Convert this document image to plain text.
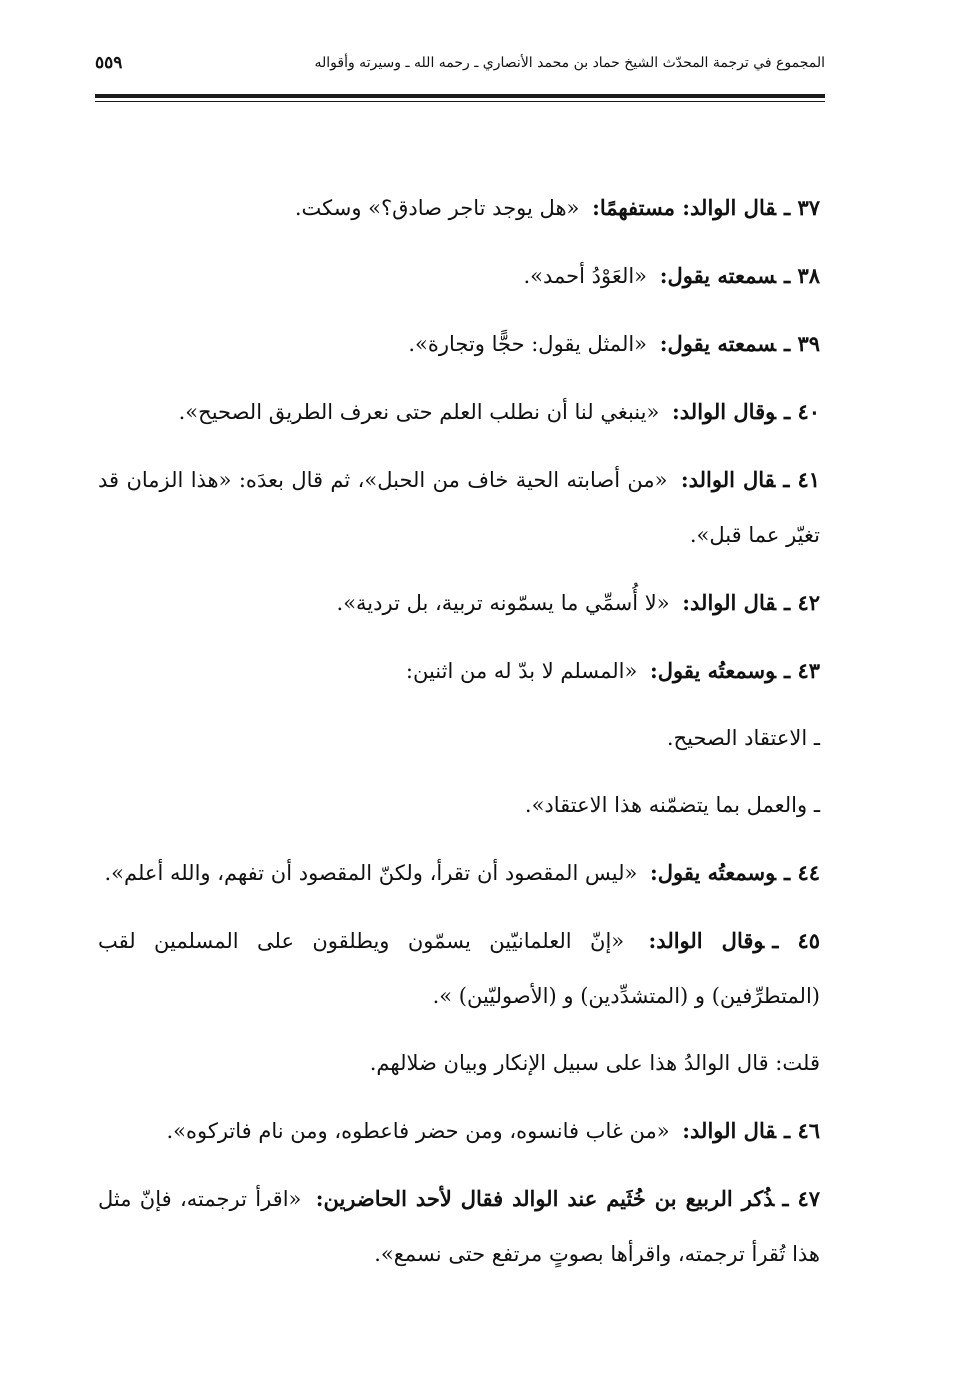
المجموع في ترجمة المحدّث الشيخ حماد بن محمد الأنصاري ـ رحمه الله ـ وسيرته وأقواله
٥٥٩

٣٧ ـقال الوالد: مستفهمًا: «هل يوجد تاجر صادق؟» وسكت.

٣٨ ـسمعته يقول: «العَوْدُ أحمد».

٣٩ ـسمعته يقول: «المثل يقول: حجًّا وتجارة».

٤٠ ـوقال الوالد: «ينبغي لنا أن نطلب العلم حتى نعرف الطريق الصحيح».

٤١ ـقال الوالد: «من أصابته الحية خاف من الحبل»، ثم قال بعدَه: «هذا الزمان قد تغيّر عما قبل».

٤٢ ـقال الوالد: «لا أُسمِّي ما يسمّونه تربية، بل تردية».

٤٣ ـوسمعتُه يقول: «المسلم لا بدّ له من اثنين:

ـ الاعتقاد الصحيح.

ـ والعمل بما يتضمّنه هذا الاعتقاد».

٤٤ ـوسمعتُه يقول: «ليس المقصود أن تقرأ، ولكنّ المقصود أن تفهم، والله أعلم».

٤٥ ـوقال الوالد: «إنّ العلمانيّين يسمّون ويطلقون على المسلمين لقب (المتطرِّفين) و (المتشدِّدين) و (الأصوليّين) ».

قلت: قال الوالدُ هذا على سبيل الإنكار وبيان ضلالهم.

٤٦ ـقال الوالد: «من غاب فانسوه، ومن حضر فاعطوه، ومن نام فاتركوه».

٤٧ ـذُكر الربيع بن خُثَيم عند الوالد فقال لأحد الحاضرين: «اقرأ ترجمته، فإنّ مثل هذا تُقرأ ترجمته، واقرأها بصوتٍ مرتفع حتى نسمع».
